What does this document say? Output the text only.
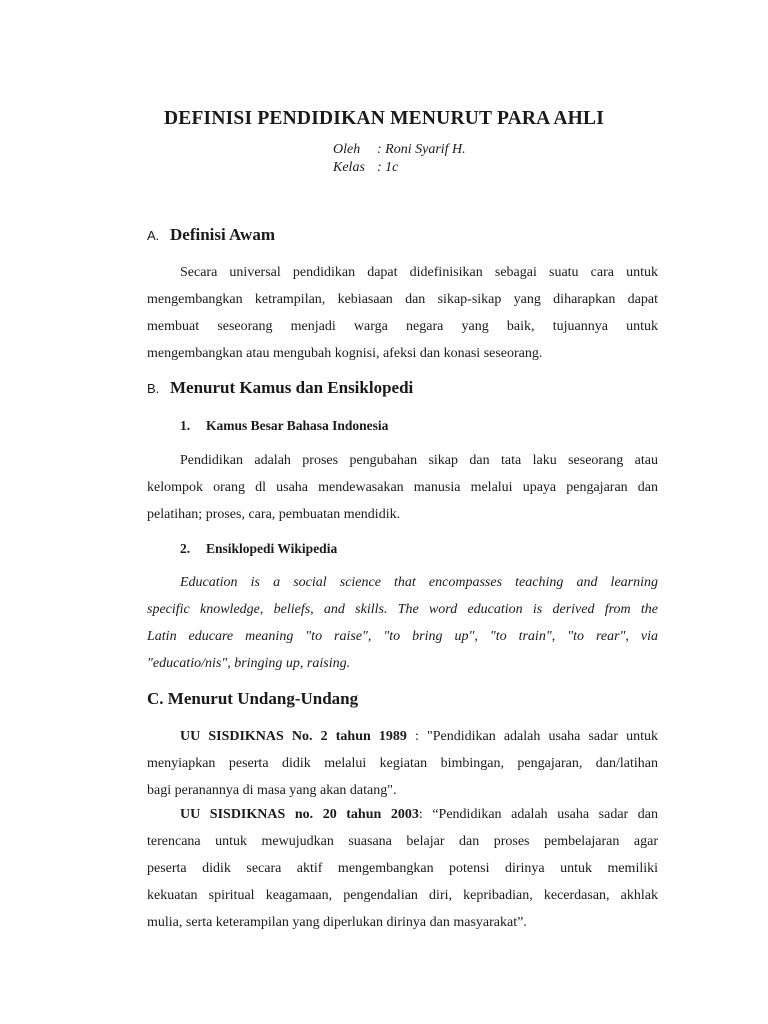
DEFINISI PENDIDIKAN MENURUT PARA AHLI
Oleh : Roni Syarif H.
Kelas : 1c
A. Definisi Awam
Secara universal pendidikan dapat didefinisikan sebagai suatu cara untuk
mengembangkan ketrampilan, kebiasaan dan sikap-sikap yang diharapkan dapat
membuat seseorang menjadi warga negara yang baik, tujuannya untuk
mengembangkan atau mengubah kognisi, afeksi dan konasi seseorang.
B. Menurut Kamus dan Ensiklopedi
1. Kamus Besar Bahasa Indonesia
Pendidikan adalah proses pengubahan sikap dan tata laku seseorang atau
kelompok orang dl usaha mendewasakan manusia melalui upaya pengajaran dan
pelatihan; proses, cara, pembuatan mendidik.
2. Ensiklopedi Wikipedia
Education is a social science that encompasses teaching and learning
specific knowledge, beliefs, and skills. The word education is derived from the
Latin educare meaning "to raise", "to bring up", "to train", "to rear", via
"educatio/nis", bringing up, raising.
C. Menurut Undang-Undang
UU SISDIKNAS No. 2 tahun 1989 : "Pendidikan adalah usaha sadar untuk
menyiapkan peserta didik melalui kegiatan bimbingan, pengajaran, dan/latihan
bagi peranannya di masa yang akan datang".
UU SISDIKNAS no. 20 tahun 2003: “Pendidikan adalah usaha sadar dan
terencana untuk mewujudkan suasana belajar dan proses pembelajaran agar
peserta didik secara aktif mengembangkan potensi dirinya untuk memiliki
kekuatan spiritual keagamaan, pengendalian diri, kepribadian, kecerdasan, akhlak
mulia, serta keterampilan yang diperlukan dirinya dan masyarakat”.
